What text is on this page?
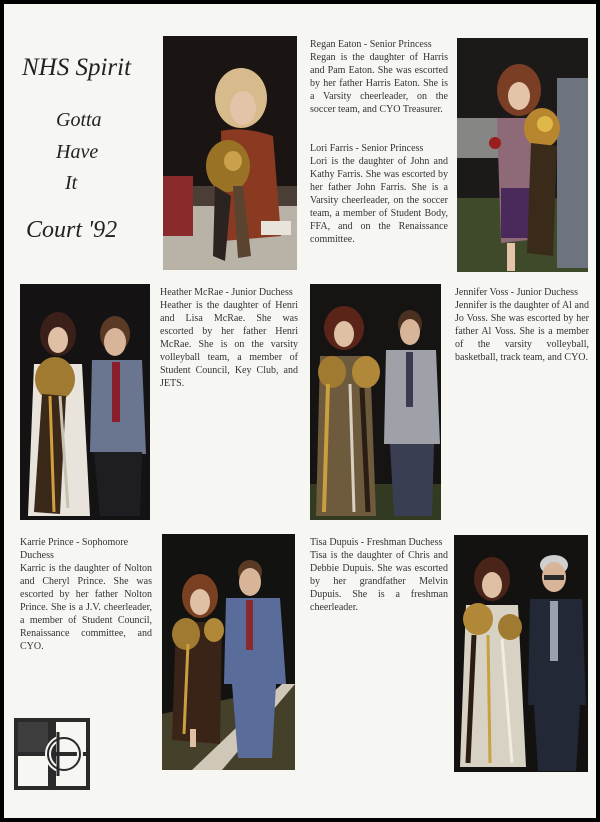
NHS Spirit
Gotta
Have
It
Court '92
Regan Eaton - Senior Princess
Regan is the daughter of Harris and Pam Eaton. She was escorted by her father Harris Eaton. She is a Varsity cheerleader, on the soccer team, and CYO Treasurer.
Lori Farris - Senior Princess
Lori is the daughter of John and Kathy Farris. She was escorted by her father John Farris. She is a Varsity cheerleader, on the soccer team, a member of Student Body, FFA, and on the Renaissance committee.
Heather McRae - Junior Duchess
Heather is the daughter of Henri and Lisa McRae. She was escorted by her father Henri McRae. She is on the varsity volleyball team, a member of Student Council, Key Club, and JETS.
Jennifer Voss - Junior Duchess
Jennifer is the daughter of Al and Jo Voss. She was escorted by her father Al Voss. She is a member of the varsity volleyball, basketball, track team, and CYO.
Karrie Prince - Sophomore Duchess
Karric is the daughter of Nolton and Cheryl Prince. She was escorted by her father Nolton Prince. She is a J.V. cheerleader, a member of Student Council, Renaissance committee, and CYO.
Tisa Dupuis - Freshman Duchess
Tisa is the daughter of Chris and Debbie Dupuis. She was escorted by her grandfather Melvin Dupuis. She is a freshman cheerleader.
